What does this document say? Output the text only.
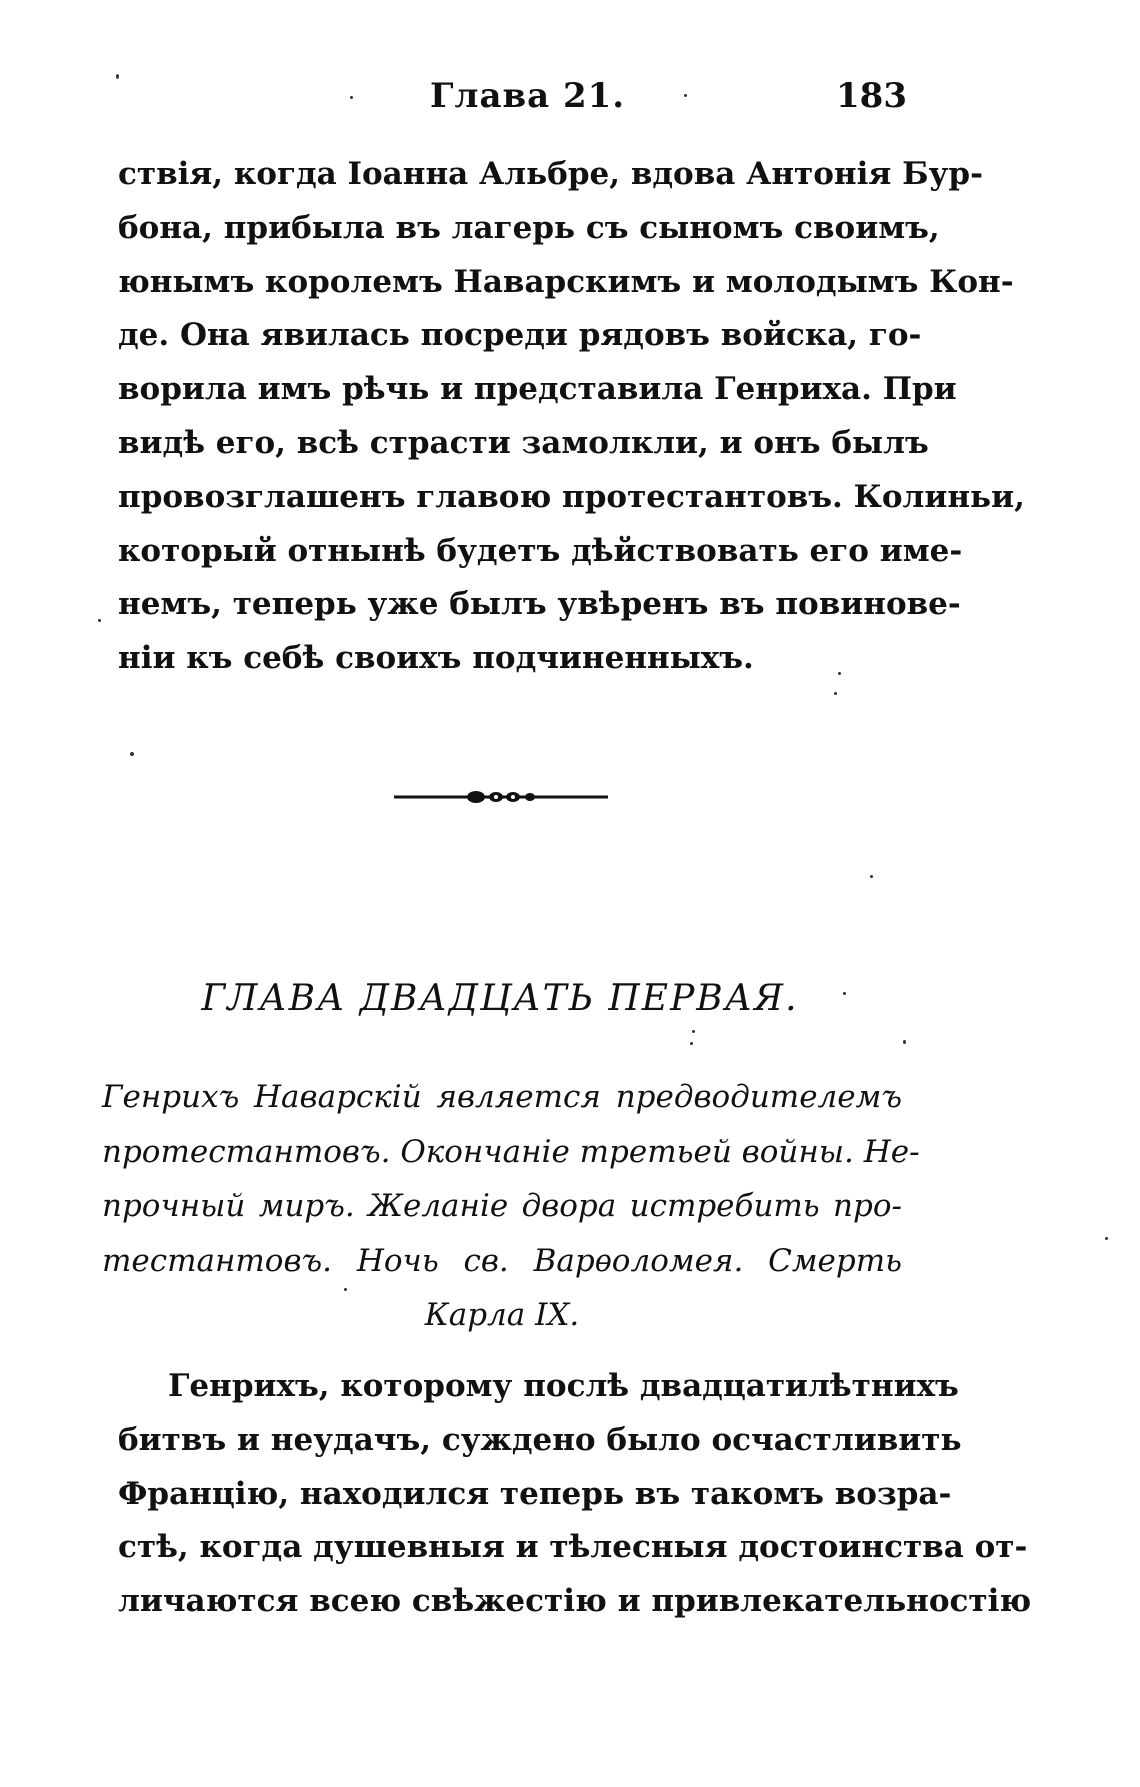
Глава 21.	183
ствія, когда Іоанна Альбре, вдова Антонія Бур-
бона, прибыла въ лагерь съ сыномъ своимъ,
юнымъ королемъ Наварскимъ и молодымъ Кон-
де. Она явилась посреди рядовъ войска, го-
ворила имъ рѣчь и представила Генриха. При
видѣ его, всѣ страсти замолкли, и онъ былъ
провозглашенъ главою протестантовъ. Колиньи,
который отнынѣ будетъ дѣйствовать его име-
немъ, теперь уже былъ увѣренъ въ повинове-
ніи къ себѣ своихъ подчиненныхъ.
ГЛАВА ДВАДЦАТЬ ПЕРВАЯ.
Генрихъ Наварскій является предводителемъ
протестантовъ. Окончаніе третьей войны. Не-
прочный миръ. Желаніе двора истребить про-
тестантовъ. Ночь св. Варѳоломея. Смерть
Карла IX.
Генрихъ, которому послѣ двадцатилѣтнихъ
битвъ и неудачъ, суждено было осчастливить
Францію, находился теперь въ такомъ возра-
стѣ, когда душевныя и тѣлесныя достоинства от-
личаются всею свѣжестію и привлекательностію
